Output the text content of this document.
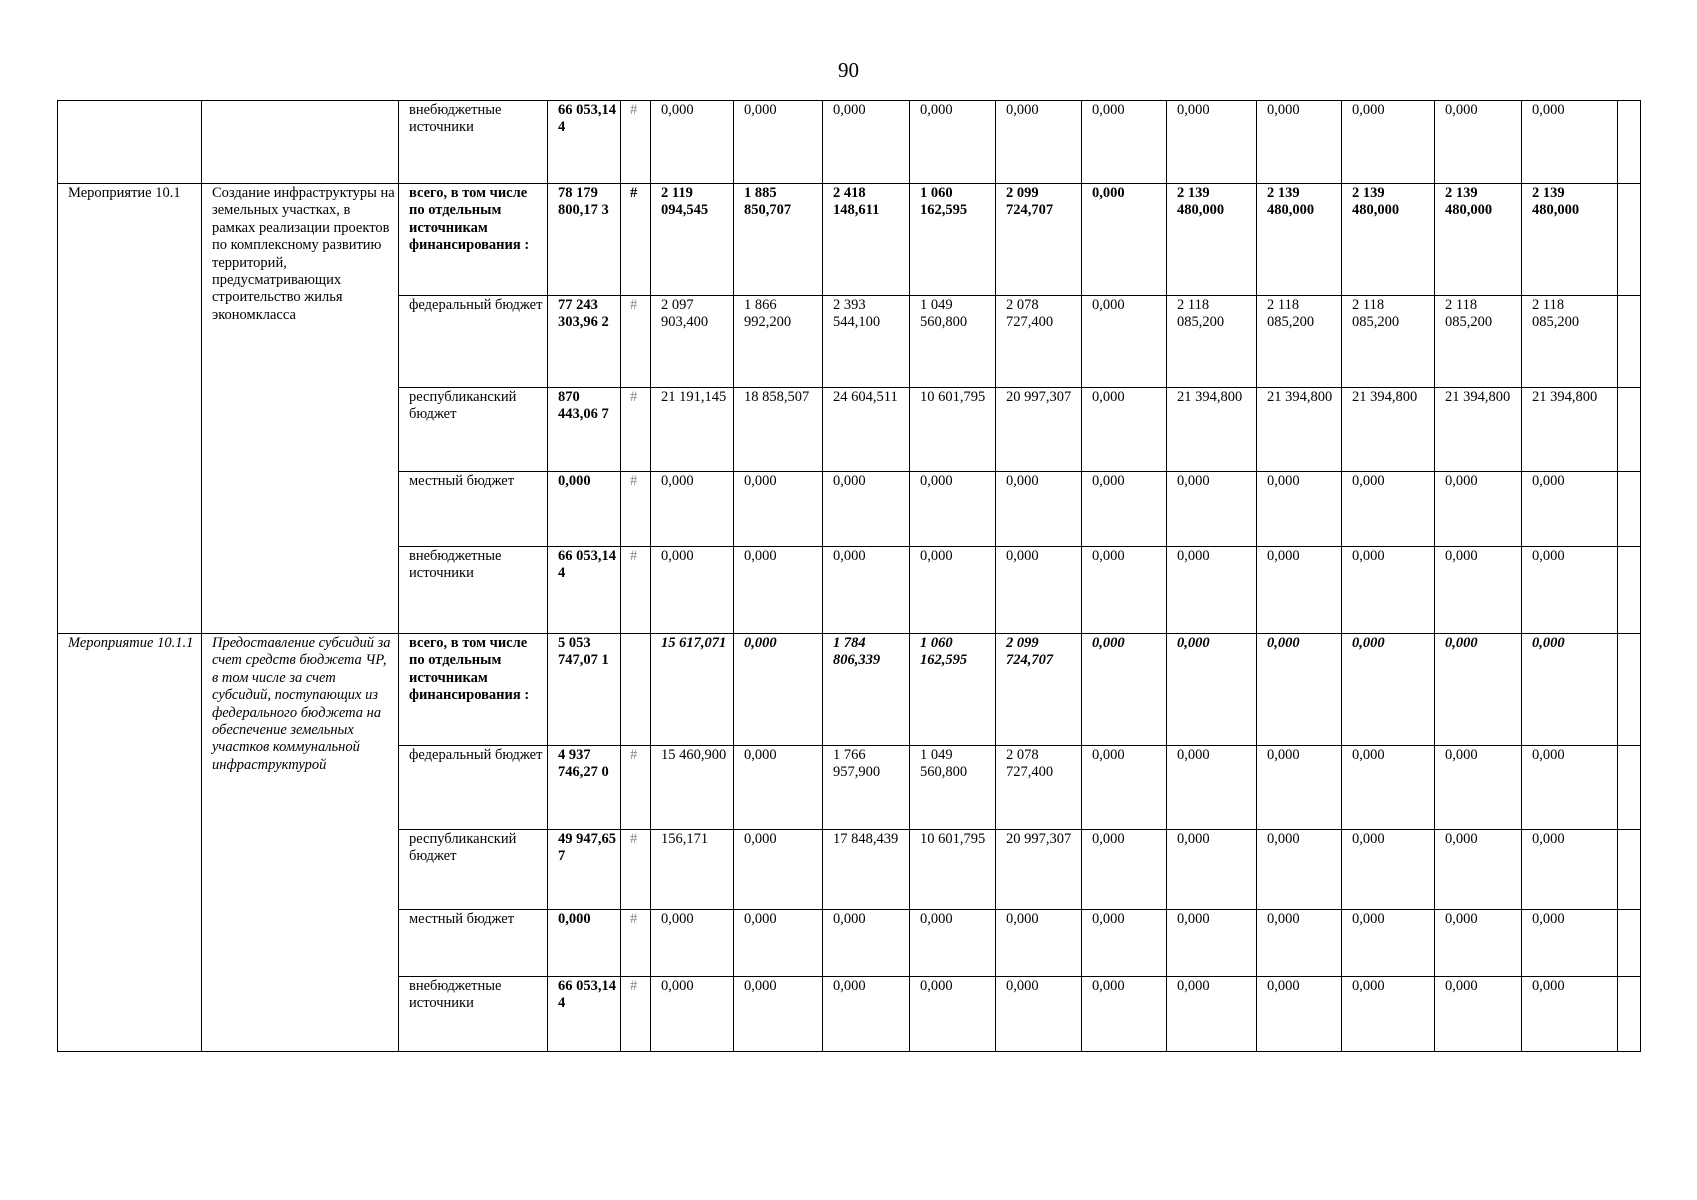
90
		внебюджетные источники	66 053,14 4	#	0,000	0,000	0,000	0,000	0,000	0,000	0,000	0,000	0,000	0,000	0,000	
Мероприятие 10.1	Создание инфраструктуры на земельных участках, в рамках реализации проектов по комплексному развитию территорий, предусматривающих строительство жилья экономкласса	всего, в том числе по отдельным источникам финансирования :	78 179 800,17 3	#	2 119 094,545	1 885 850,707	2 418 148,611	1 060 162,595	2 099 724,707	0,000	2 139 480,000	2 139 480,000	2 139 480,000	2 139 480,000	2 139 480,000	
		федеральный бюджет	77 243 303,96 2	#	2 097 903,400	1 866 992,200	2 393 544,100	1 049 560,800	2 078 727,400	0,000	2 118 085,200	2 118 085,200	2 118 085,200	2 118 085,200	2 118 085,200	
		республиканский бюджет	870 443,06 7	#	21 191,145	18 858,507	24 604,511	10 601,795	20 997,307	0,000	21 394,800	21 394,800	21 394,800	21 394,800	21 394,800	
		местный бюджет	0,000	#	0,000	0,000	0,000	0,000	0,000	0,000	0,000	0,000	0,000	0,000	0,000	
		внебюджетные источники	66 053,14 4	#	0,000	0,000	0,000	0,000	0,000	0,000	0,000	0,000	0,000	0,000	0,000	
Мероприятие 10.1.1	Предоставление субсидий за счет средств бюджета ЧР, в том числе за счет субсидий, поступающих из федерального бюджета на обеспечение земельных участков коммунальной инфраструктурой	всего, в том числе по отдельным источникам финансирования :	5 053 747,07 1		15 617,071	0,000	1 784 806,339	1 060 162,595	2 099 724,707	0,000	0,000	0,000	0,000	0,000	0,000	
		федеральный бюджет	4 937 746,27 0	#	15 460,900	0,000	1 766 957,900	1 049 560,800	2 078 727,400	0,000	0,000	0,000	0,000	0,000	0,000	
		республиканский бюджет	49 947,65 7	#	156,171	0,000	17 848,439	10 601,795	20 997,307	0,000	0,000	0,000	0,000	0,000	0,000	
		местный бюджет	0,000	#	0,000	0,000	0,000	0,000	0,000	0,000	0,000	0,000	0,000	0,000	0,000	
		внебюджетные источники	66 053,14 4	#	0,000	0,000	0,000	0,000	0,000	0,000	0,000	0,000	0,000	0,000	0,000	
